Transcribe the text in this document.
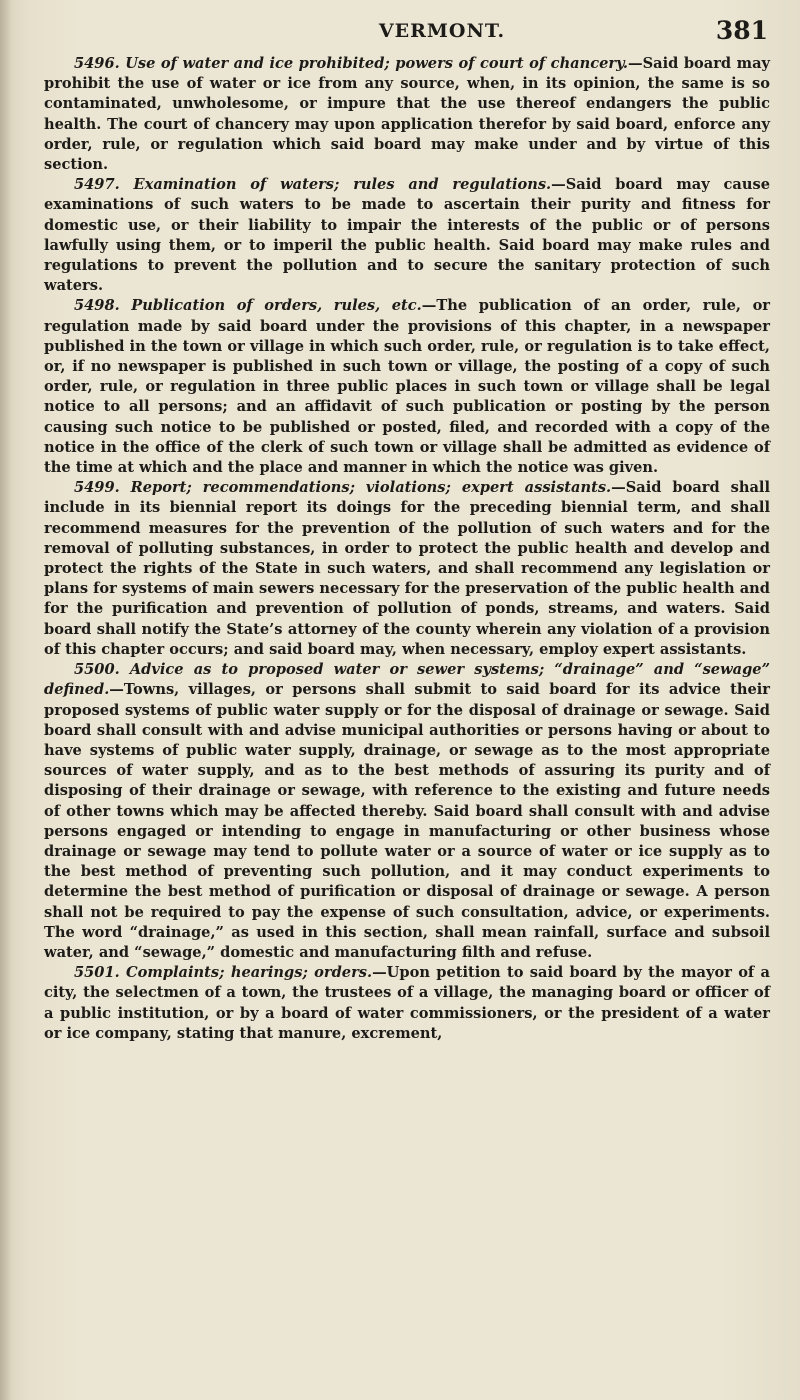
VERMONT.	381

5496. Use of water and ice prohibited; powers of court of chancery.—Said board may prohibit the use of water or ice from any source, when, in its opinion, the same is so contaminated, unwholesome, or impure that the use thereof endangers the public health. The court of chancery may upon application therefor by said board, enforce any order, rule, or regulation which said board may make under and by virtue of this section.

5497. Examination of waters; rules and regulations.—Said board may cause examinations of such waters to be made to ascertain their purity and fitness for domestic use, or their liability to impair the interests of the public or of persons lawfully using them, or to imperil the public health. Said board may make rules and regulations to prevent the pollution and to secure the sanitary protection of such waters.

5498. Publication of orders, rules, etc.—The publication of an order, rule, or regulation made by said board under the provisions of this chapter, in a newspaper published in the town or village in which such order, rule, or regulation is to take effect, or, if no newspaper is published in such town or village, the posting of a copy of such order, rule, or regulation in three public places in such town or village shall be legal notice to all persons; and an affidavit of such publication or posting by the person causing such notice to be published or posted, filed, and recorded with a copy of the notice in the office of the clerk of such town or village shall be admitted as evidence of the time at which and the place and manner in which the notice was given.

5499. Report; recommendations; violations; expert assistants.—Said board shall include in its biennial report its doings for the preceding biennial term, and shall recommend measures for the prevention of the pollution of such waters and for the removal of polluting substances, in order to protect the public health and develop and protect the rights of the State in such waters, and shall recommend any legislation or plans for systems of main sewers necessary for the preservation of the public health and for the purification and prevention of pollution of ponds, streams, and waters. Said board shall notify the State’s attorney of the county wherein any violation of a provision of this chapter occurs; and said board may, when necessary, employ expert assistants.

5500. Advice as to proposed water or sewer systems; “drainage” and “sewage” defined.—Towns, villages, or persons shall submit to said board for its advice their proposed systems of public water supply or for the disposal of drainage or sewage. Said board shall consult with and advise municipal authorities or persons having or about to have systems of public water supply, drainage, or sewage as to the most appropriate sources of water supply, and as to the best methods of assuring its purity and of disposing of their drainage or sewage, with reference to the existing and future needs of other towns which may be affected thereby. Said board shall consult with and advise persons engaged or intending to engage in manufacturing or other business whose drainage or sewage may tend to pollute water or a source of water or ice supply as to the best method of preventing such pollution, and it may conduct experiments to determine the best method of purification or disposal of drainage or sewage. A person shall not be required to pay the expense of such consultation, advice, or experiments. The word “drainage,” as used in this section, shall mean rainfall, surface and subsoil water, and “sewage,” domestic and manufacturing filth and refuse.

5501. Complaints; hearings; orders.—Upon petition to said board by the mayor of a city, the selectmen of a town, the trustees of a village, the managing board or officer of a public institution, or by a board of water commissioners, or the president of a water or ice company, stating that manure, excrement,
